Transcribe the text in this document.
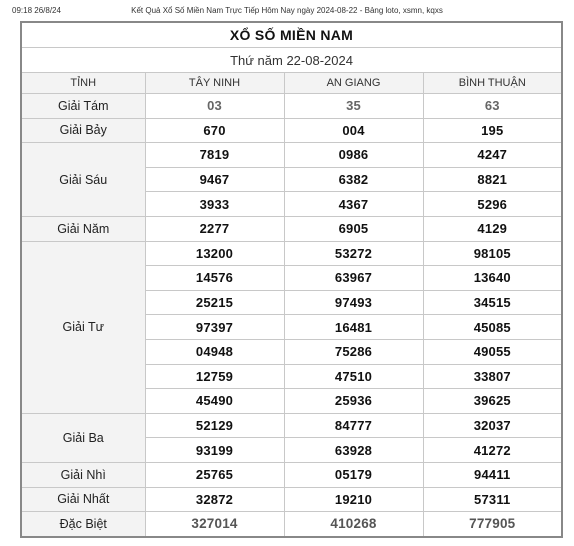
09:18 26/8/24	Kết Quả Xổ Số Miền Nam Trực Tiếp Hôm Nay ngày 2024-08-22 - Bảng loto, xsmn, kqxs
XỔ SỐ MIỀN NAM			
Thứ năm 22-08-2024			
TỈNH	TÂY NINH	AN GIANG	BÌNH THUẬN
Giải Tám	03	35	63
Giải Bảy	670	004	195
Giải Sáu	7819	0986	4247
	9467	6382	8821
	3933	4367	5296
Giải Năm	2277	6905	4129
Giải Tư	13200	53272	98105
	14576	63967	13640
	25215	97493	34515
	97397	16481	45085
	04948	75286	49055
	12759	47510	33807
	45490	25936	39625
Giải Ba	52129	84777	32037
	93199	63928	41272
Giải Nhì	25765	05179	94411
Giải Nhất	32872	19210	57311
Đặc Biệt	327014	410268	777905
